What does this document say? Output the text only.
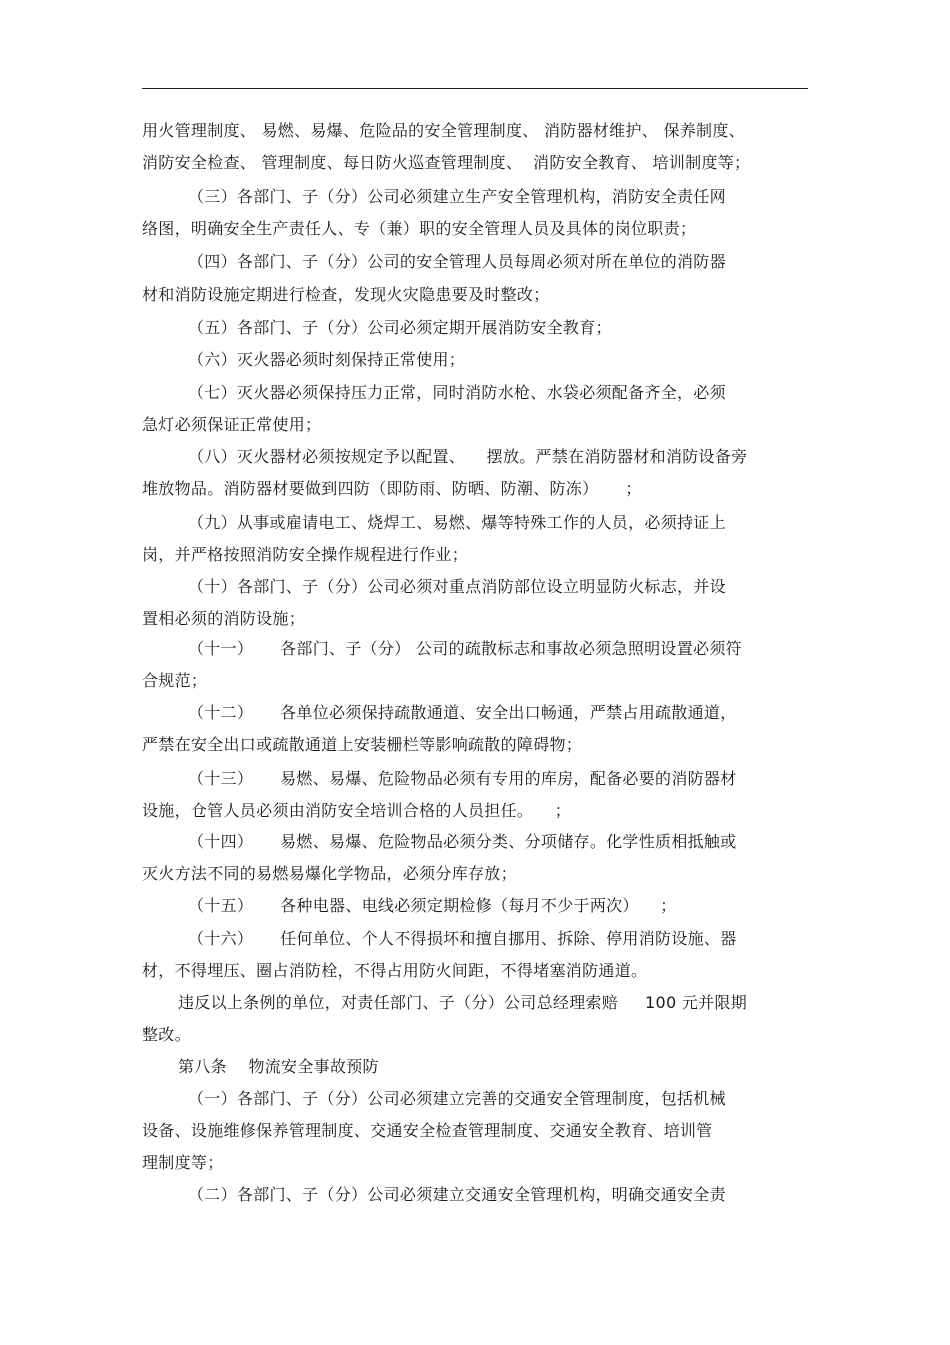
用火管理制度、 易燃、易爆、危险品的安全管理制度、 消防器材维护、 保养制度、
消防安全检查、 管理制度、每日防火巡查管理制度、  消防安全教育、 培训制度等；
（三）各部门、子（分）公司必须建立生产安全管理机构，消防安全责任网
络图，明确安全生产责任人、专（兼）职的安全管理人员及具体的岗位职责；
（四）各部门、子（分）公司的安全管理人员每周必须对所在单位的消防器
材和消防设施定期进行检查，发现火灾隐患要及时整改；
（五）各部门、子（分）公司必须定期开展消防安全教育；
（六）灭火器必须时刻保持正常使用；
（七）灭火器必须保持压力正常，同时消防水枪、水袋必须配备齐全，必须
急灯必须保证正常使用；
（八）灭火器材必须按规定予以配置、    摆放。严禁在消防器材和消防设备旁
堆放物品。消防器材要做到四防（即防雨、防晒、防潮、防冻）     ；
（九）从事或雇请电工、烧焊工、易燃、爆等特殊工作的人员，必须持证上
岗，并严格按照消防安全操作规程进行作业；
（十）各部门、子（分）公司必须对重点消防部位设立明显防火标志，并设
置相必须的消防设施；
（十一）     各部门、子（分） 公司的疏散标志和事故必须急照明设置必须符
合规范；
（十二）     各单位必须保持疏散通道、安全出口畅通，严禁占用疏散通道，
严禁在安全出口或疏散通道上安装栅栏等影响疏散的障碍物；
（十三）     易燃、易爆、危险物品必须有专用的库房，配备必要的消防器材
设施，仓管人员必须由消防安全培训合格的人员担任。    ；
（十四）     易燃、易爆、危险物品必须分类、分项储存。化学性质相抵触或
灭火方法不同的易燃易爆化学物品，必须分库存放；
（十五）     各种电器、电线必须定期检修（每月不少于两次）    ；
（十六）     任何单位、个人不得损坏和擅自挪用、拆除、停用消防设施、器
材，不得埋压、圈占消防栓，不得占用防火间距，不得堵塞消防通道。
违反以上条例的单位，对责任部门、子（分）公司总经理索赔     100 元并限期
整改。
第八条    物流安全事故预防
（一）各部门、子（分）公司必须建立完善的交通安全管理制度，包括机械
设备、设施维修保养管理制度、交通安全检查管理制度、交通安全教育、培训管
理制度等；
（二）各部门、子（分）公司必须建立交通安全管理机构，明确交通安全责
